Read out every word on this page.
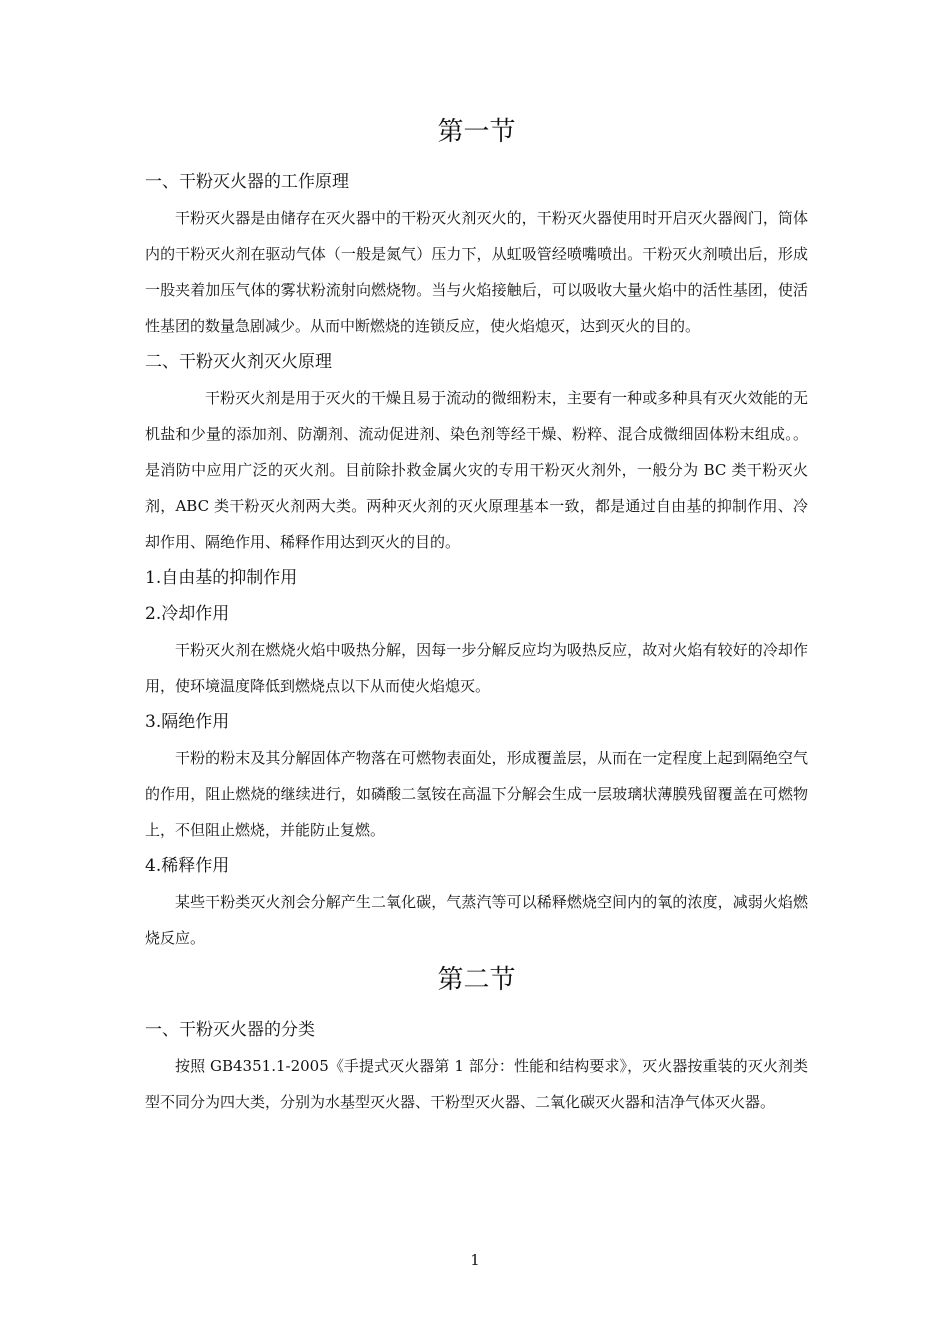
第一节
一、干粉灭火器的工作原理

干粉灭火器是由储存在灭火器中的干粉灭火剂灭火的，干粉灭火器使用时开启灭火器阀门，筒体内的干粉灭火剂在驱动气体（一般是氮气）压力下，从虹吸管经喷嘴喷出。干粉灭火剂喷出后，形成一股夹着加压气体的雾状粉流射向燃烧物。当与火焰接触后，可以吸收大量火焰中的活性基团，使活性基团的数量急剧减少。从而中断燃烧的连锁反应，使火焰熄灭，达到灭火的目的。

二、干粉灭火剂灭火原理

干粉灭火剂是用于灭火的干燥且易于流动的微细粉末，主要有一种或多种具有灭火效能的无机盐和少量的添加剂、防潮剂、流动促进剂、染色剂等经干燥、粉粹、混合成微细固体粉末组成。。是消防中应用广泛的灭火剂。目前除扑救金属火灾的专用干粉灭火剂外，一般分为 BC 类干粉灭火剂，ABC 类干粉灭火剂两大类。两种灭火剂的灭火原理基本一致，都是通过自由基的抑制作用、冷却作用、隔绝作用、稀释作用达到灭火的目的。

1.自由基的抑制作用
2.冷却作用

干粉灭火剂在燃烧火焰中吸热分解，因每一步分解反应均为吸热反应，故对火焰有较好的冷却作用，使环境温度降低到燃烧点以下从而使火焰熄灭。

3.隔绝作用

干粉的粉末及其分解固体产物落在可燃物表面处，形成覆盖层，从而在一定程度上起到隔绝空气的作用，阻止燃烧的继续进行，如磷酸二氢铵在高温下分解会生成一层玻璃状薄膜残留覆盖在可燃物上，不但阻止燃烧，并能防止复燃。

4.稀释作用

某些干粉类灭火剂会分解产生二氧化碳，气蒸汽等可以稀释燃烧空间内的氧的浓度，减弱火焰燃烧反应。

第二节
一、干粉灭火器的分类

按照 GB4351.1-2005《手提式灭火器第 1 部分：性能和结构要求》，灭火器按重装的灭火剂类型不同分为四大类，分别为水基型灭火器、干粉型灭火器、二氧化碳灭火器和洁净气体灭火器。

1
